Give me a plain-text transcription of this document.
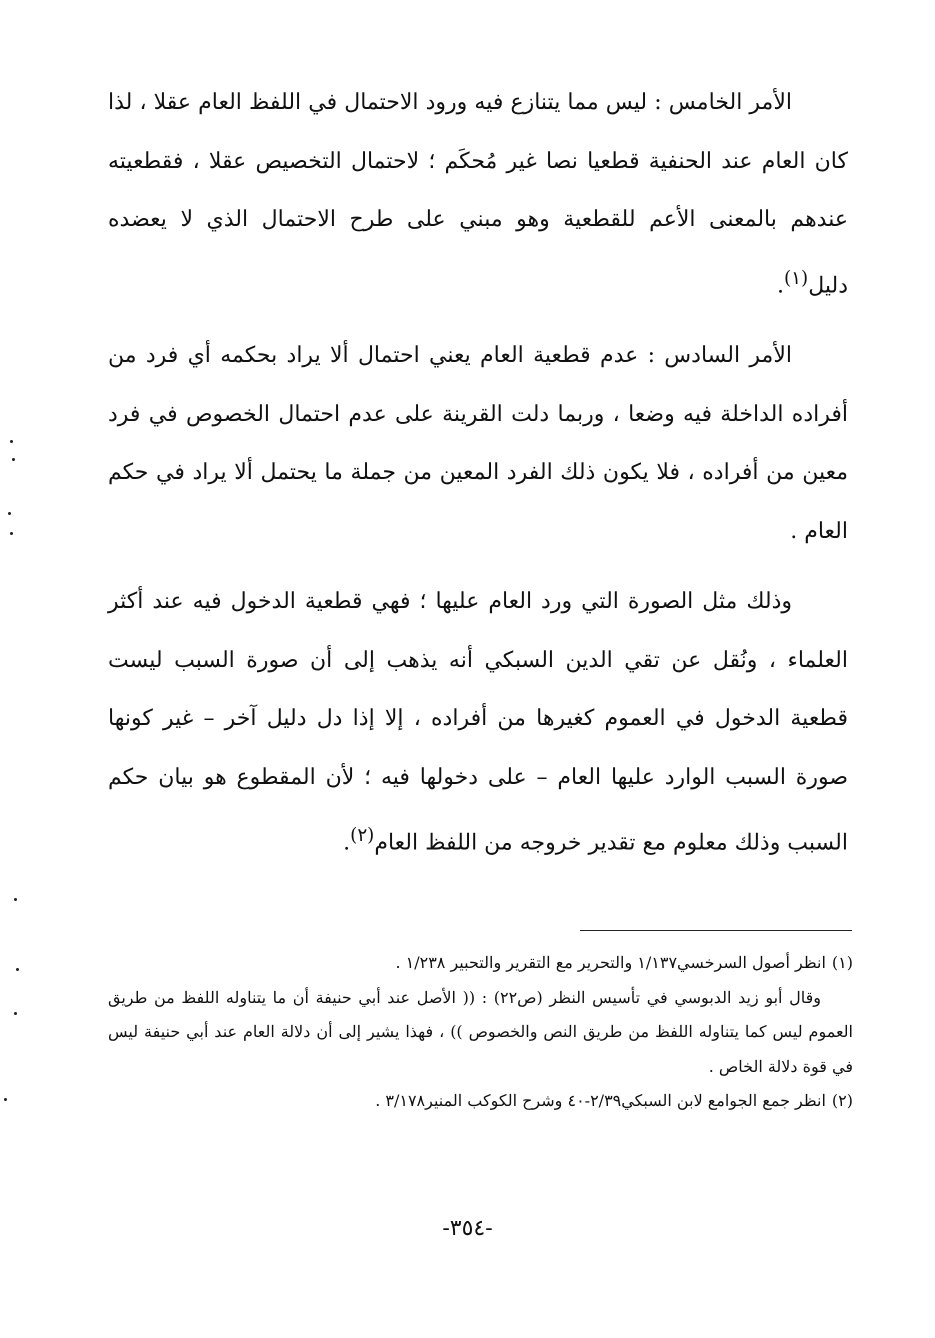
الأمر الخامس : ليس مما يتنازع فيه ورود الاحتمال في اللفظ العام عقلا ، لذا كان العام عند الحنفية قطعيا نصا غير مُحكَم ؛ لاحتمال التخصيص عقلا ، فقطعيته عندهم بالمعنى الأعم للقطعية وهو مبني على طرح الاحتمال الذي لا يعضده دليل$^{(١)}$.

الأمر السادس : عدم قطعية العام يعني احتمال ألا يراد بحكمه أي فرد من أفراده الداخلة فيه وضعا ، وربما دلت القرينة على عدم احتمال الخصوص في فرد معين من أفراده ، فلا يكون ذلك الفرد المعين من جملة ما يحتمل ألا يراد في حكم العام .

وذلك مثل الصورة التي ورد العام عليها ؛ فهي قطعية الدخول فيه عند أكثر العلماء ، ونُقل عن تقي الدين السبكي أنه يذهب إلى أن صورة السبب ليست قطعية الدخول في العموم كغيرها من أفراده ، إلا إذا دل دليل آخر – غير كونها صورة السبب الوارد عليها العام – على دخولها فيه ؛ لأن المقطوع هو بيان حكم السبب وذلك معلوم مع تقدير خروجه من اللفظ العام$^{(٢)}$.

(١)انظر أصول السرخسي١/١٣٧ والتحرير مع التقرير والتحبير ١/٢٣٨ .

وقال أبو زيد الدبوسي في تأسيس النظر (ص٢٢) : (( الأصل عند أبي حنيفة أن ما يتناوله اللفظ من طريق العموم ليس كما يتناوله اللفظ من طريق النص والخصوص )) ، فهذا يشير إلى أن دلالة العام عند أبي حنيفة ليس في قوة دلالة الخاص .

(٢)انظر جمع الجوامع لابن السبكي٢/٣٩-٤٠ وشرح الكوكب المنير٣/١٧٨ .

-٣٥٤-
